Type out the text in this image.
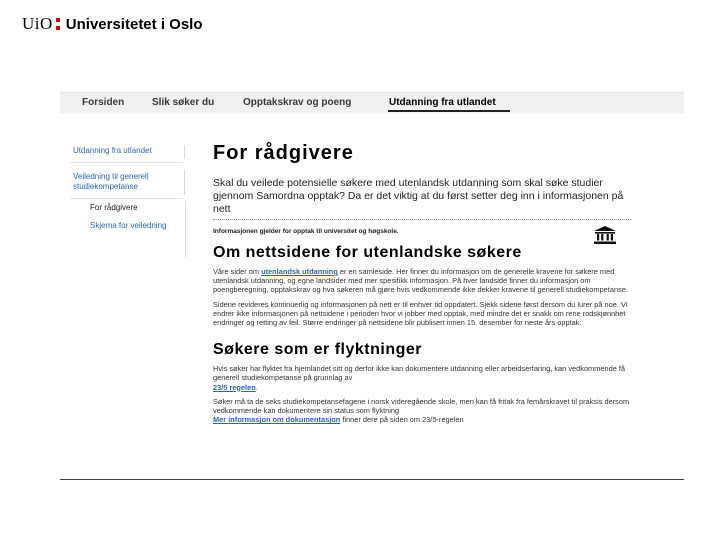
UiO Universitetet i Oslo
Forsiden	Slik søker du	Opptakskrav og poeng	Utdanning fra utlandet
Utdanning fra utlandet
Veiledning til generell studiekompetanse
For rådgivere
Skjema for veiledning
For rådgivere
Skal du veilede potensielle søkere med utenlandsk utdanning som skal søke studier gjennom Samordna opptak? Da er det viktig at du først setter deg inn i informasjonen på nett
Informasjonen gjelder for opptak til universitet og høgskole.
Om nettsidene for utenlandske søkere
Våre sider om utenlandsk utdanning er en samleside. Her finner du informasjon om de generelle kravene for søkere med utenlandsk utdanning, og egne landsider med mer spesifikk informasjon. På hver landside finner du informasjon om poengberegning, opptakskrav og hva søkeren må gjøre hvis vedkommende ikke dekker kravene til generell studiekompetanse.
Sidene revideres kontinuerlig og informasjonen på nett er til enhver tid oppdatert. Sjekk sidene først dersom du lurer på noe. Vi endrer ikke informasjonen på nettsidene i perioden hvor vi jobber med opptak, med mindre det er snakk om rene rodskjønnhet endringer og retting av feil. Større endringer på nettsidene blir publisert innen 15. desember for neste års opptak.
Søkere som er flyktninger
Hvis søker har flyktet fra hjemlandet sitt og derfor ikke kan dokumentere utdanning eller arbeidserfaring, kan vedkommende få generell studiekompetanse på grunnlag av
23/5 regelen.
Søker må ta de seks studiekompetansefagene i norsk videregående skole, men kan få fritak fra femårskravet til praksis dersom vedkommende kan dokumentere sin status som flyktning
Mer informasjon om dokumentasjon finner dere på siden om 23/5-regelen
